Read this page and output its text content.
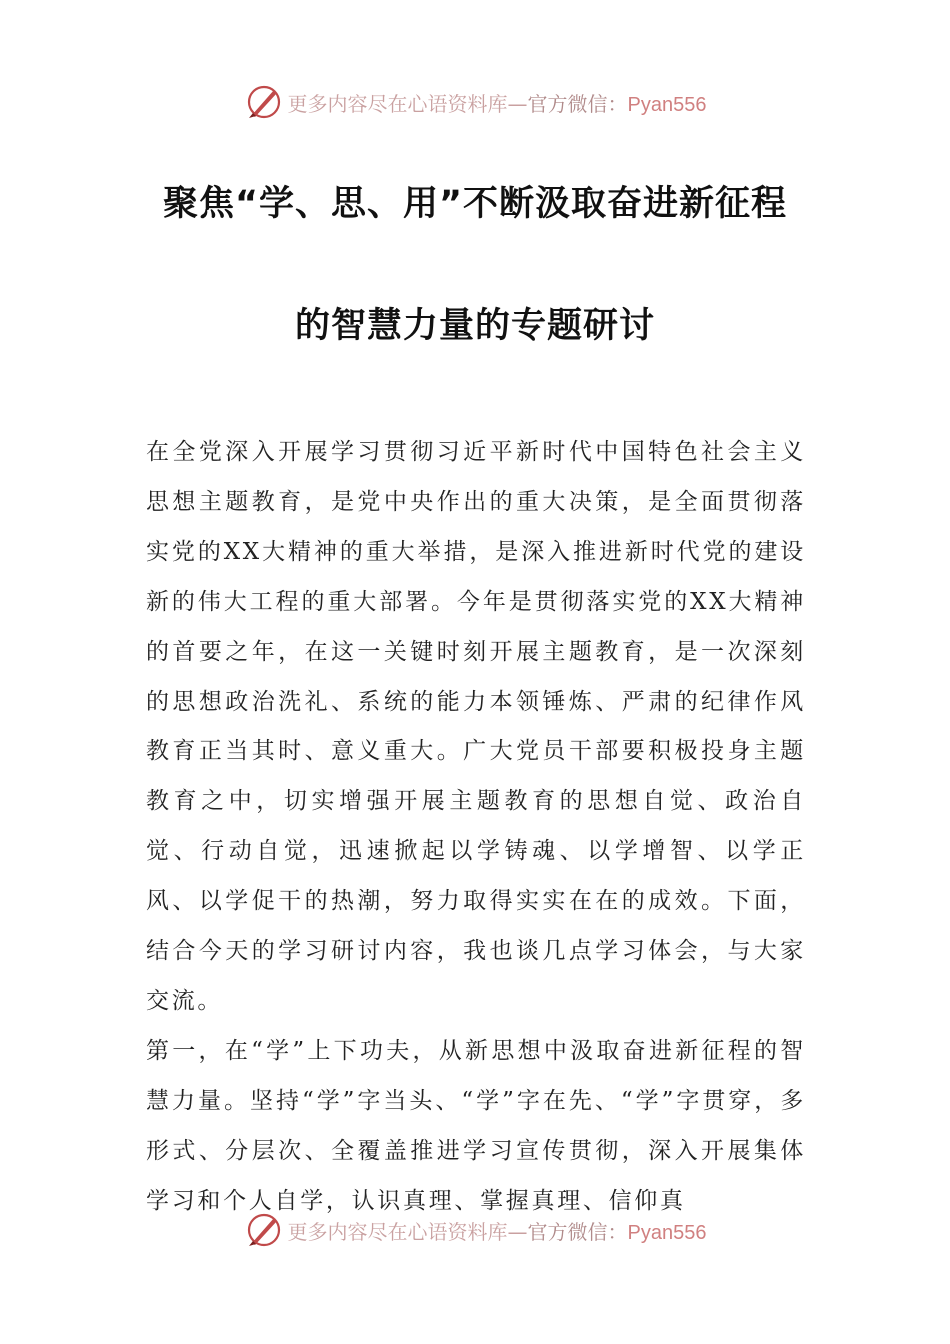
更多内容尽在心语资料库—官方微信：Pyan556
聚焦“学、思、用”不断汲取奋进新征程
的智慧力量的专题研讨

在全党深入开展学习贯彻习近平新时代中国特色社会主义思想主题教育，是党中央作出的重大决策，是全面贯彻落实党的XX大精神的重大举措，是深入推进新时代党的建设新的伟大工程的重大部署。今年是贯彻落实党的XX大精神的首要之年，在这一关键时刻开展主题教育，是一次深刻的思想政治洗礼、系统的能力本领锤炼、严肃的纪律作风教育正当其时、意义重大。广大党员干部要积极投身主题教育之中，切实增强开展主题教育的思想自觉、政治自觉、行动自觉，迅速掀起以学铸魂、以学增智、以学正风、以学促干的热潮，努力取得实实在在的成效。下面，结合今天的学习研讨内容，我也谈几点学习体会，与大家交流。

第一，在“学”上下功夫，从新思想中汲取奋进新征程的智慧力量。坚持“学”字当头、“学”字在先、“学”字贯穿，多形式、分层次、全覆盖推进学习宣传贯彻，深入开展集体学习和个人自学，认识真理、掌握真理、信仰真

更多内容尽在心语资料库—官方微信：Pyan556
